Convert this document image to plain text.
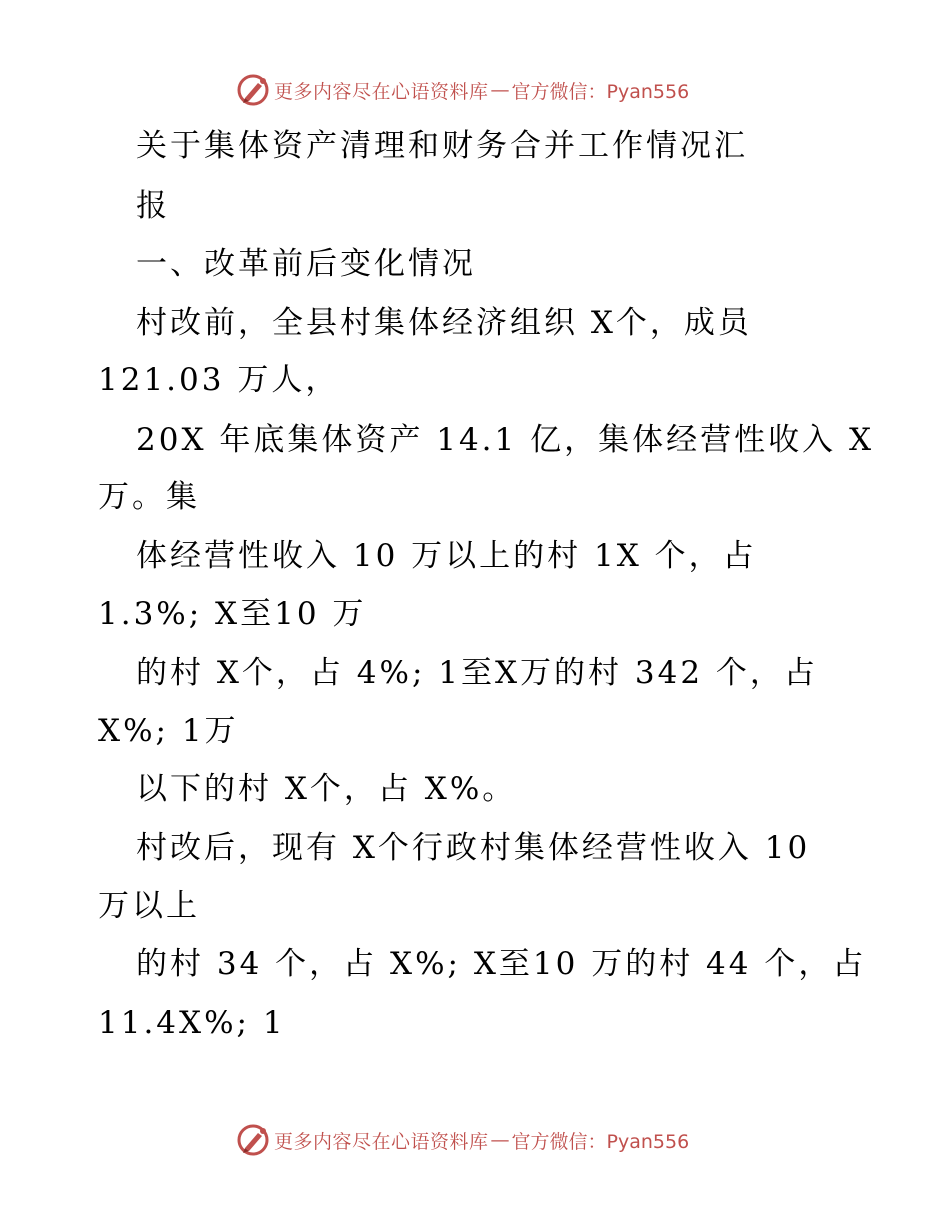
更多内容尽在心语资料库 — 官方微信：Pyan556
关于集体资产清理和财务合并工作情况汇
报
一、改革前后变化情况
村改前，全县村集体经济组织 X个，成员
121.03 万人，
20X 年底集体资产 14.1 亿，集体经营性收入 X
万。集
体经营性收入 10 万以上的村 1X 个，占
1.3%; X至10 万
的村 X个，占 4%; 1至X万的村 342 个，占
X%; 1万
以下的村 X个，占 X%。
村改后，现有 X个行政村集体经营性收入 10
万以上
的村 34 个，占 X%; X至10 万的村 44 个，占
11.4X%; 1
更多内容尽在心语资料库 — 官方微信：Pyan556
